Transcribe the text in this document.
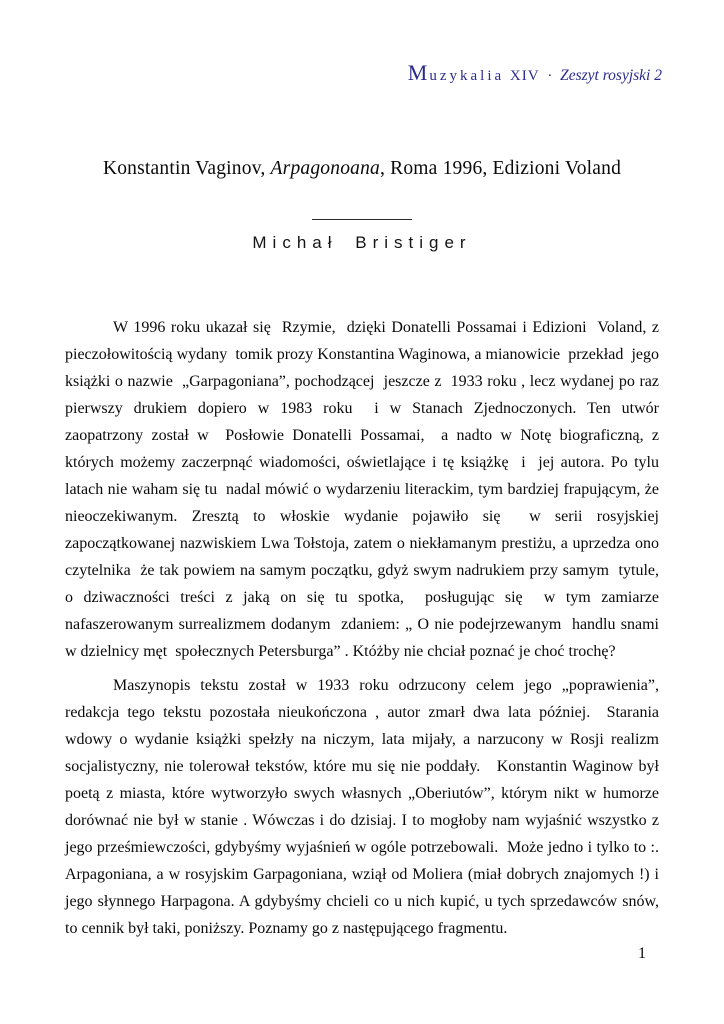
Muzykalia XIV · Zeszyt rosyjski 2
Konstantin Vaginov, Arpagonoana, Roma 1996, Edizioni Voland
Michał Bristiger

W 1996 roku ukazał się  Rzymie,  dzięki Donatelli Possamai i Edizioni  Voland, z pieczołowitością wydany  tomik prozy Konstantina Waginowa, a mianowicie  przekład  jego książki o nazwie  „Garpagoniana”, pochodzącej  jeszcze z  1933 roku , lecz wydanej po raz pierwszy drukiem dopiero w 1983 roku  i w Stanach Zjednoczonych. Ten utwór  zaopatrzony został w  Posłowie Donatelli Possamai,  a nadto w Notę biograficzną, z  których możemy zaczerpnąć wiadomości, oświetlające i tę książkę  i  jej autora. Po tylu latach nie waham się tu  nadal mówić o wydarzeniu literackim, tym bardziej frapującym, że nieoczekiwanym. Zresztą to włoskie wydanie pojawiło się  w serii rosyjskiej zapoczątkowanej nazwiskiem Lwa Tołstoja, zatem o niekłamanym prestiżu, a uprzedza ono czytelnika  że tak powiem na samym początku, gdyż swym nadrukiem przy samym  tytule,  o dziwaczności treści z jaką on się tu spotka,  posługując się  w tym zamiarze nafaszerowanym surrealizmem dodanym  zdaniem: „ O nie podejrzewanym  handlu snami w dzielnicy męt  społecznych Petersburga” . Któżby nie chciał poznać je choć trochę?

Maszynopis tekstu został w 1933 roku odrzucony celem jego „poprawienia”, redakcja tego tekstu pozostała nieukończona , autor zmarł dwa lata później.  Starania wdowy o wydanie książki spełzły na niczym, lata mijały, a narzucony w Rosji realizm socjalistyczny, nie tolerował tekstów, które mu się nie poddały.   Konstantin Waginow był poetą z miasta, które wytworzyło swych własnych „Oberiutów”, którym nikt w humorze dorównać nie był w stanie . Wówczas i do dzisiaj. I to mogłoby nam wyjaśnić wszystko z jego prześmiewczości, gdybyśmy wyjaśnień w ogóle potrzebowali.  Może jedno i tylko to :. Arpagoniana, a w rosyjskim Garpagoniana, wziął od Moliera (miał dobrych znajomych !) i jego słynnego Harpagona. A gdybyśmy chcieli co u nich kupić, u tych sprzedawców snów, to cennik był taki, poniższy. Poznamy go z następującego fragmentu.

1
